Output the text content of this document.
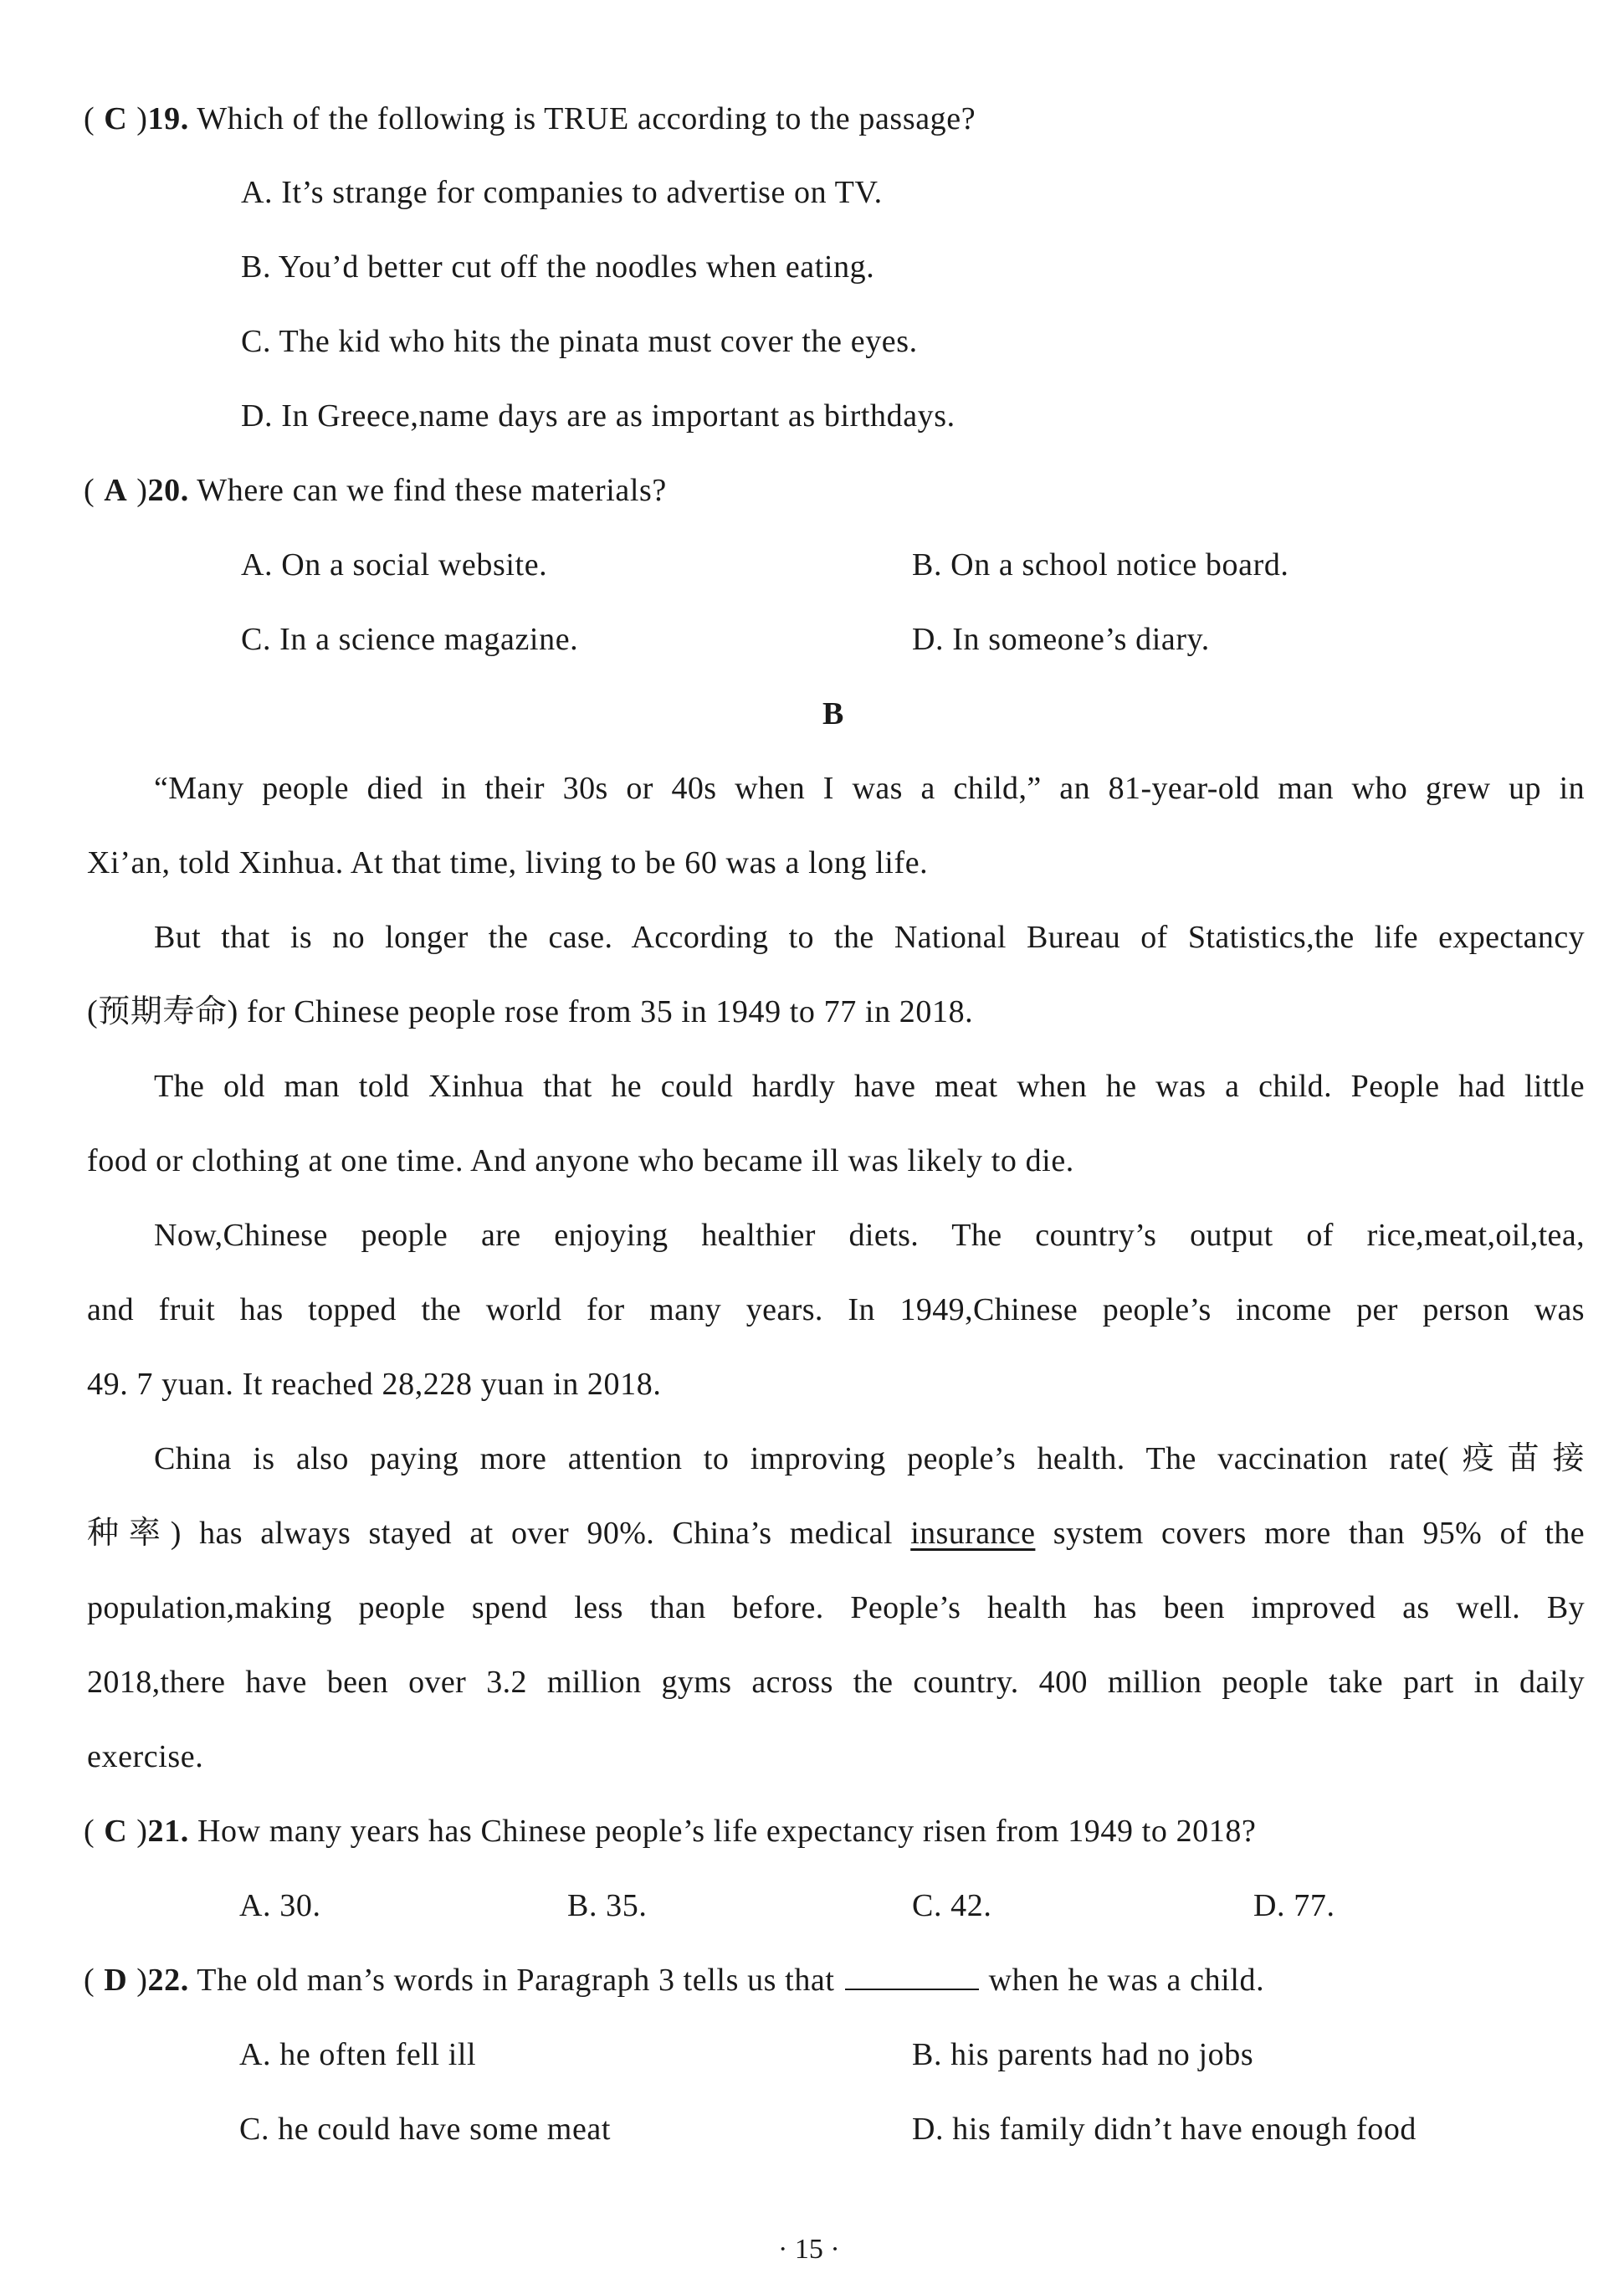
( C )19. Which of the following is TRUE according to the passage?
A. It’s strange for companies to advertise on TV.
B. You’d better cut off the noodles when eating.
C. The kid who hits the pinata must cover the eyes.
D. In Greece,name days are as important as birthdays.
( A )20. Where can we find these materials?
A. On a social website.	B. On a school notice board.
C. In a science magazine.	D. In someone’s diary.
B
“Many people died in their 30s or 40s when I was a child,” an 81-year-old man who grew up in
Xi’an, told Xinhua. At that time, living to be 60 was a long life.
But that is no longer the case. According to the National Bureau of Statistics,the life expectancy
(预期寿命) for Chinese people rose from 35 in 1949 to 77 in 2018.
The old man told Xinhua that he could hardly have meat when he was a child. People had little
food or clothing at one time. And anyone who became ill was likely to die.
Now,Chinese people are enjoying healthier diets. The country’s output of rice,meat,oil,tea,
and fruit has topped the world for many years. In 1949,Chinese people’s income per person was
49. 7 yuan. It reached 28,228 yuan in 2018.
China is also paying more attention to improving people’s health. The vaccination rate(疫苗接
种率) has always stayed at over 90%. China’s medical insurance system covers more than 95% of the
population,making people spend less than before. People’s health has been improved as well. By
2018,there have been over 3.2 million gyms across the country. 400 million people take part in daily
exercise.
( C )21. How many years has Chinese people’s life expectancy risen from 1949 to 2018?
A. 30.	B. 35.	C. 42.	D. 77.
( D )22. The old man’s words in Paragraph 3 tells us that	when he was a child.
A. he often fell ill	B. his parents had no jobs
C. he could have some meat	D. his family didn’t have enough food
· 15 ·
